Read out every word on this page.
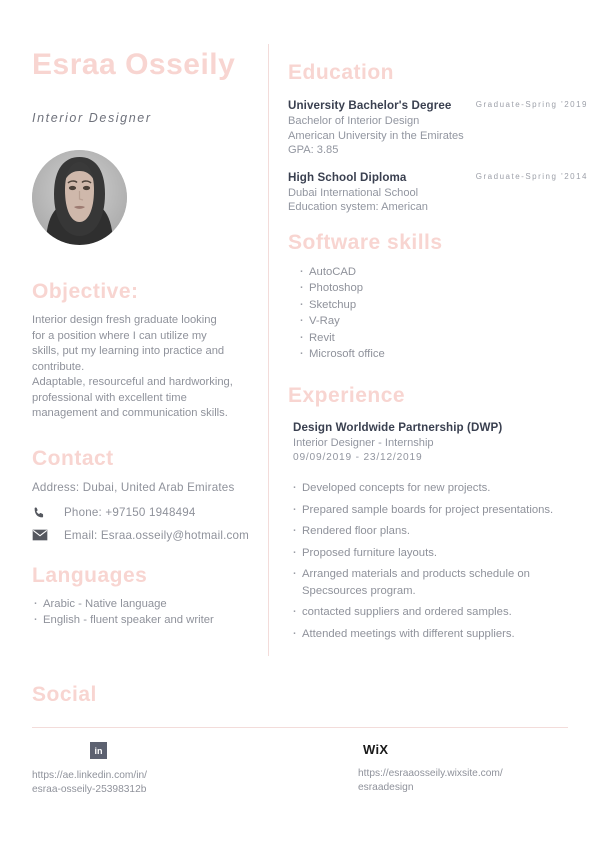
Esraa Osseily
Interior Designer
Objective:
Interior design fresh graduate looking
for a position where I can utilize my
skills, put my learning into practice and
contribute.
Adaptable, resourceful and hardworking,
professional with excellent time
management and communication skills.
Contact
Address: Dubai, United Arab Emirates
Phone: +97150 1948494
Email: Esraa.osseily@hotmail.com
Languages
· Arabic - Native language
· English - fluent speaker and writer
Social
Education
Graduate-Spring '2019
University Bachelor's Degree
Bachelor of Interior Design
American University in the Emirates
GPA: 3.85
Graduate-Spring '2014
High School Diploma
Dubai International School
Education system: American
Software skills
· AutoCAD
· Photoshop
· Sketchup
· V-Ray
· Revit
· Microsoft office
Experience
Design Worldwide Partnership (DWP)
Interior Designer - Internship
09/09/2019 - 23/12/2019
· Developed concepts for new projects.
· Prepared sample boards for project presentations.
· Rendered floor plans.
· Proposed furniture layouts.
· Arranged materials and products schedule on Specsources program.
· contacted suppliers and ordered samples.
· Attended meetings with different suppliers.
in
https://ae.linkedin.com/in/
esraa-osseily-25398312b
WiX
https://esraaosseily.wixsite.com/
esraadesign
